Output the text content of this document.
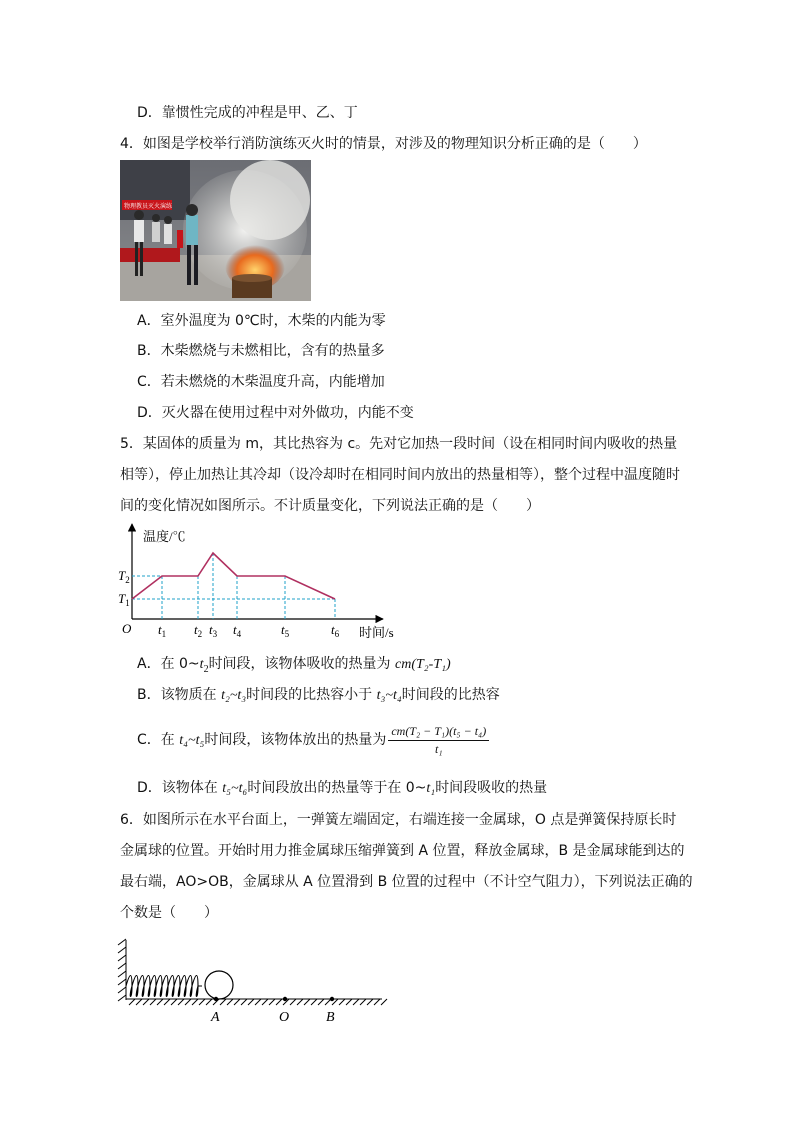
D．靠惯性完成的冲程是甲、乙、丁
4．如图是学校举行消防演练灭火时的情景，对涉及的物理知识分析正确的是（　　）
物理教员灭火演练
A．室外温度为 0℃时，木柴的内能为零
B．木柴燃烧与未燃相比，含有的热量多
C．若未燃烧的木柴温度升高，内能增加
D．灭火器在使用过程中对外做功，内能不变
5．某固体的质量为 m，其比热容为 c。先对它加热一段时间（设在相同时间内吸收的热量
相等），停止加热让其冷却（设冷却时在相同时间内放出的热量相等），整个过程中温度随时
间的变化情况如图所示。不计质量变化，下列说法正确的是（　　）
温度/℃
时间/s
O $t_1$ $t_2$ $t_3$ $t_4$	$t_5$	$t_6$
$T_1$
$T_2$
A．在 $0\sim t_2$时间段，该物体吸收的热量为 cm(T₂-T₁)
B．该物质在 t₂~t₃时间段的比热容小于 t₃~t₄时间段的比热容
C．在 t₄~t₅时间段，该物体放出的热量为 $\frac{\text{cm(T₂ − T₁)(t₅ − t₄)}}{\text{t₁}}$
D．该物体在 t₅~t₆时间段放出的热量等于在 0~t₁时间段吸收的热量
6．如图所示在水平台面上，一弹簧左端固定，右端连接一金属球，O 点是弹簧保持原长时
金属球的位置。开始时用力推金属球压缩弹簧到 A 位置，释放金属球，B 是金属球能到达的
最右端，AO>OB，金属球从 A 位置滑到 B 位置的过程中（不计空气阻力），下列说法正确的
个数是（　　）
A	O	B
